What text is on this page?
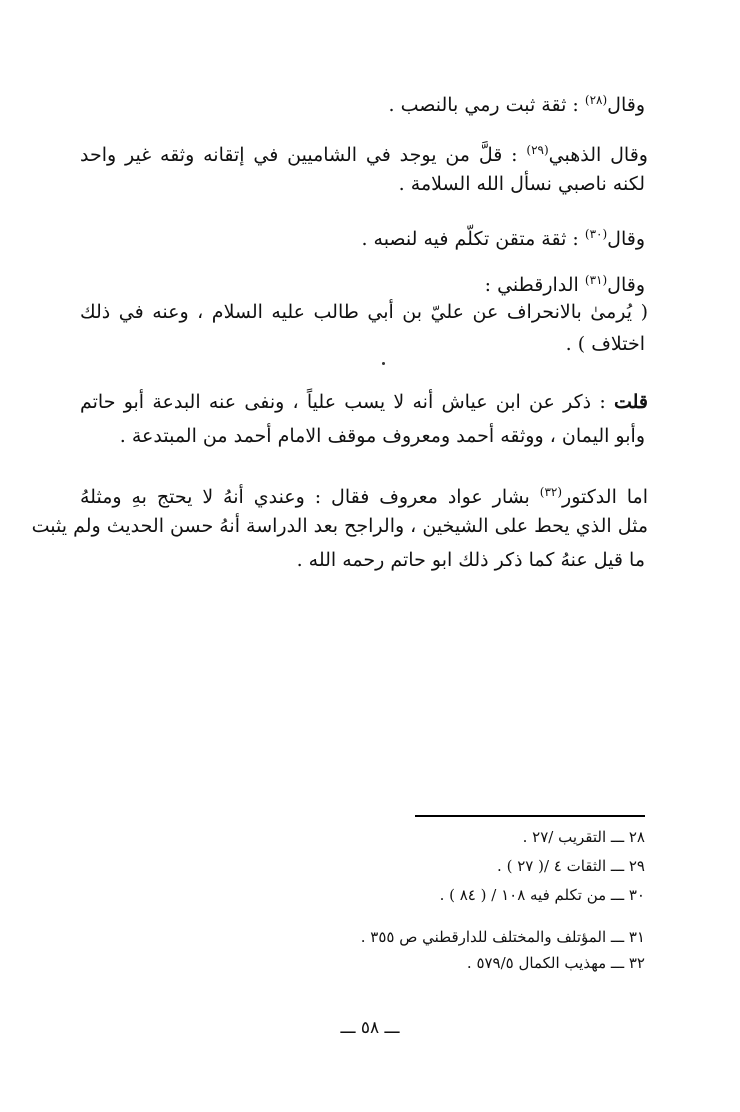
وقال$^{(٢٨)}$ : ثقة ثبت رمي بالنصب .
وقال الذهبي$^{(٢٩)}$ : قلَّ من يوجد في الشاميين في إتقانه وثقه غير واحد
لكنه ناصبي نسأل الله السلامة .
وقال$^{(٣٠)}$ : ثقة متقن تكلّم فيه لنصبه .
وقال$^{(٣١)}$ الدارقطني :
( يُرمىٰ بالانحراف عن عليّ بن أبي طالب عليه السلام ، وعنه في ذلك
اختلاف ) .
قلت : ذكر عن ابن عياش أنه لا يسب علياً ، ونفى عنه البدعة أبو حاتم
وأبو اليمان ، ووثقه أحمد ومعروف موقف الامام أحمد من المبتدعة .
اما الدكتور$^{(٣٢)}$ بشار عواد معروف فقال : وعندي أنهُ لا يحتج بهِ ومثلهُ
مثل الذي يحط على الشيخين ، والراجح بعد الدراسة أنهُ حسن الحديث ولم يثبت
ما قيل عنهُ كما ذكر ذلك ابو حاتم رحمه الله .
٢٨ ـــ التقريب /٢٧ .
٢٩ ـــ الثقات ٤ /( ٢٧ ) .
٣٠ ـــ من تكلم فيه ١٠٨ / ( ٨٤ ) .
٣١ ـــ المؤتلف والمختلف للدارقطني ص ٣٥٥ .
٣٢ ـــ مهذيب الكمال ٥٧٩/٥ .
ـــ ٥٨ ـــ
